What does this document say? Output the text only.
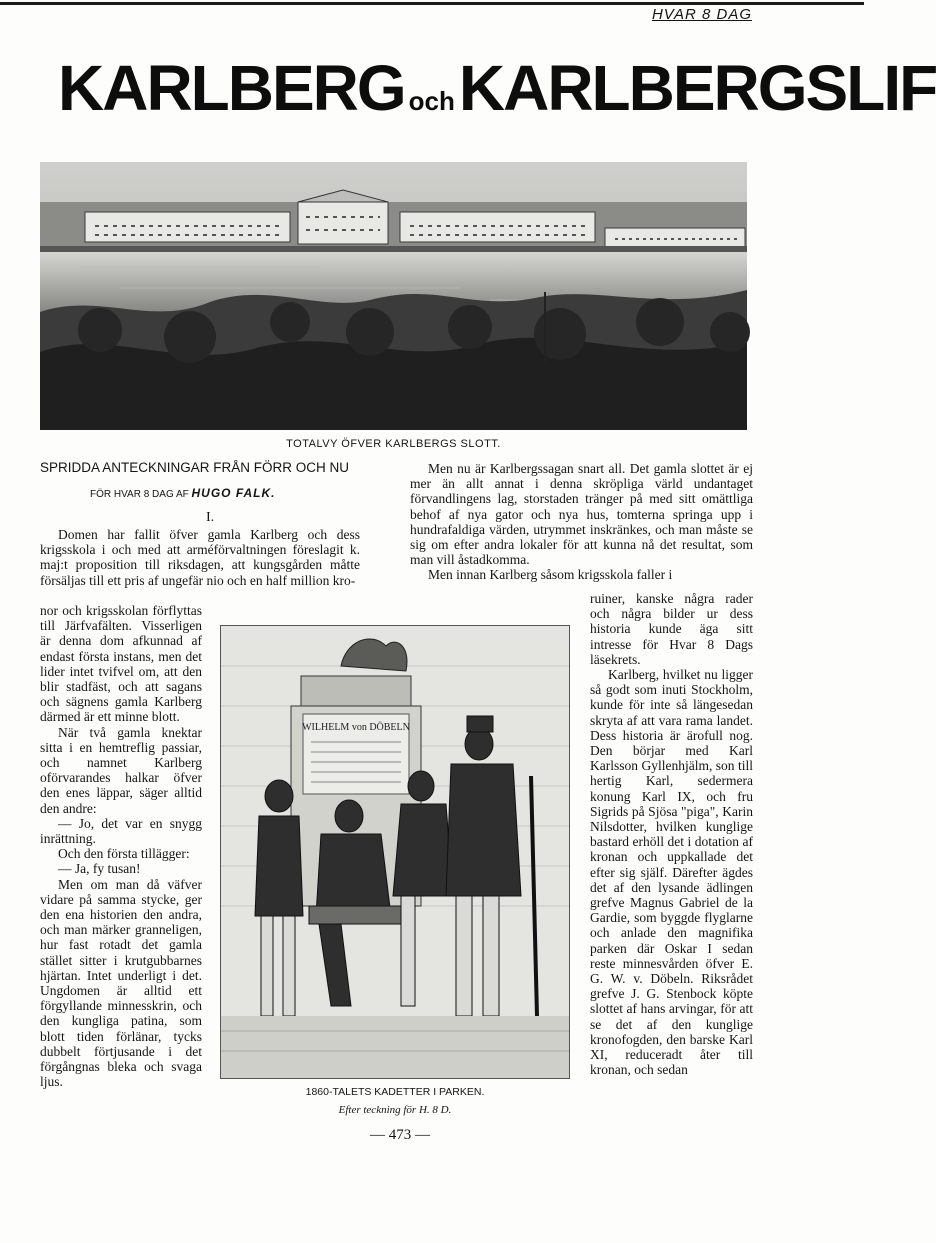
HVAR 8 DAG
KARLBERG ochKARLBERGSLIF
TOTALVY ÖFVER KARLBERGS SLOTT.
SPRIDDA ANTECKNINGAR FRÅN FÖRR OCH NU
FÖR HVAR 8 DAG AF HUGO FALK.
I.

Domen har fallit öfver gamla Karlberg och dess krigsskola i och med att arméförvaltningen föreslagit k. maj:t proposition till riksdagen, att kungsgården måtte försäljas till ett pris af ungefär nio och en half million kro-

nor och krigsskolan förflyttas till Järfvafälten. Visserligen är denna dom afkunnad af endast första instans, men det lider intet tvifvel om, att den blir stadfäst, och att sagans och sägnens gamla Karlberg därmed är ett minne blott.

När två gamla knektar sitta i en hemtreflig passiar, och namnet Karlberg oförvarandes halkar öfver den enes läppar, säger alltid den andre:

— Jo, det var en snygg inrättning.

Och den första tillägger:

— Ja, fy tusan!

Men om man då väfver vidare på samma stycke, ger den ena historien den andra, och man märker granneligen, hur fast rotadt det gamla stället sitter i krutgubbarnes hjärtan. Intet underligt i det. Ungdomen är alltid ett förgyllande minnesskrin, och den kungliga patina, som blott tiden förlänar, tycks dubbelt förtjusande i det förgångnas bleka och svaga ljus.

Men nu är Karlbergssagan snart all. Det gamla slottet är ej mer än allt annat i denna skröpliga värld undantaget förvandlingens lag, storstaden tränger på med sitt omättliga behof af nya gator och nya hus, tomterna springa upp i hundrafaldiga värden, utrymmet inskränkes, och man måste se sig om efter andra lokaler för att kunna nå det resultat, som man vill åstadkomma.

Men innan Karlberg såsom krigsskola faller i

ruiner, kanske några rader och några bilder ur dess historia kunde äga sitt intresse för Hvar 8 Dags läsekrets.

Karlberg, hvilket nu ligger så godt som inuti Stockholm, kunde för inte så längesedan skryta af att vara rama landet. Dess historia är ärofull nog. Den börjar med Karl Karlsson Gyllenhjälm, son till hertig Karl, sedermera konung Karl IX, och fru Sigrids på Sjösa "piga", Karin Nilsdotter, hvilken kunglige bastard erhöll det i dotation af kronan och uppkallade det efter sig själf. Därefter ägdes det af den lysande ädlingen grefve Magnus Gabriel de la Gardie, som byggde flyglarne och anlade den magnifika parken där Oskar I sedan reste minnesvården öfver E. G. W. v. Döbeln. Riksrådet grefve J. G. Stenbock köpte slottet af hans arvingar, för att se det af den kunglige kronofogden, den barske Karl XI, reduceradt åter till kronan, och sedan

WILHELM von DÖBELN
1860-TALETS KADETTER I PARKEN.
Efter teckning för H. 8 D.
— 473 —
